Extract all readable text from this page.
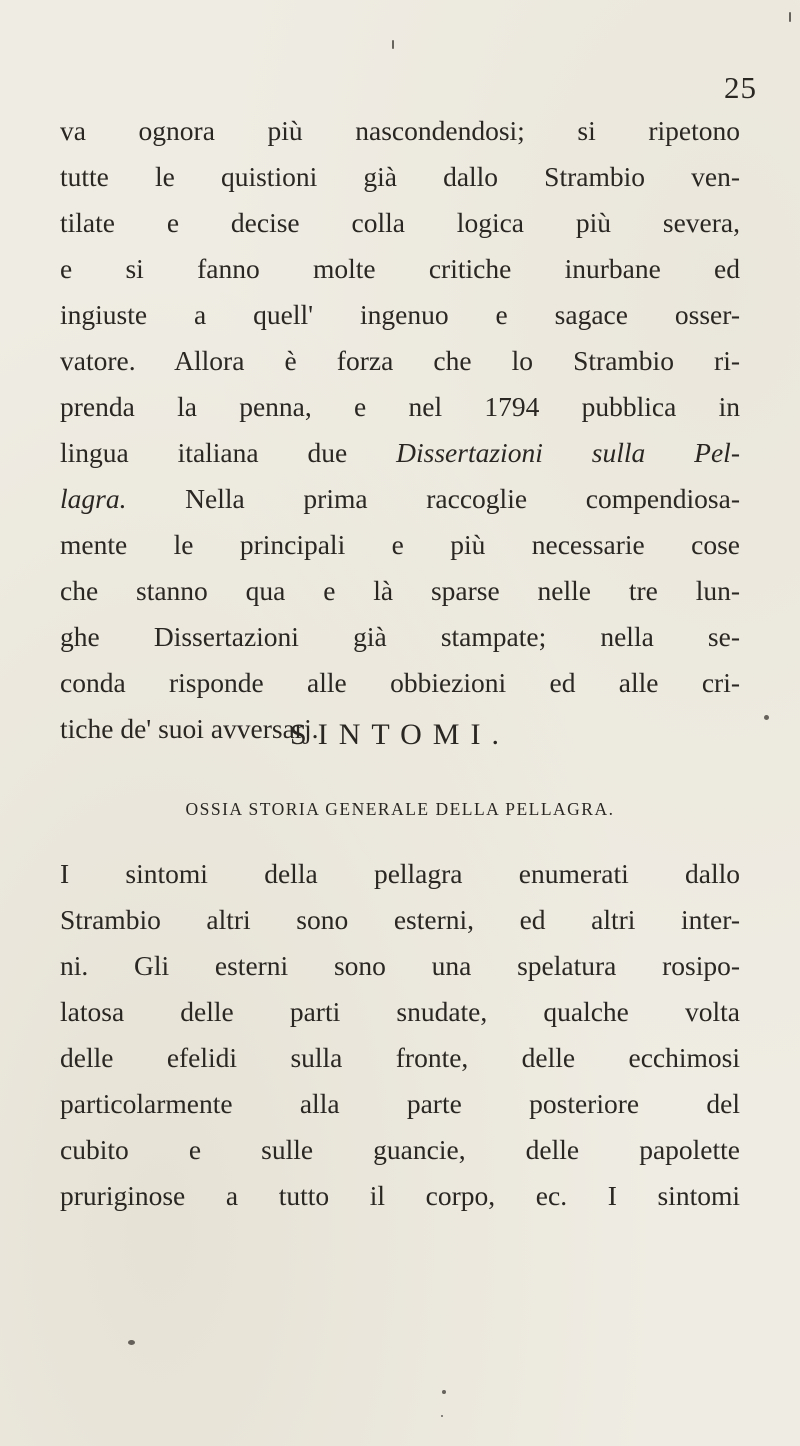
25
va ognora più nascondendosi; si ripetono
tutte le quistioni già dallo Strambio ven-
tilate e decise colla logica più severa,
e si fanno molte critiche inurbane ed
ingiuste a quell' ingenuo e sagace osser-
vatore. Allora è forza che lo Strambio ri-
prenda la penna, e nel 1794 pubblica in
lingua italiana due Dissertazioni sulla Pel-
lagra. Nella prima raccoglie compendiosa-
mente le principali e più necessarie cose
che stanno qua e là sparse nelle tre lun-
ghe Dissertazioni già stampate; nella se-
conda risponde alle obbiezioni ed alle cri-
tiche de' suoi avversarj.
SINTOMI.
OSSIA STORIA GENERALE DELLA PELLAGRA.
I sintomi della pellagra enumerati dallo
Strambio altri sono esterni, ed altri inter-
ni. Gli esterni sono una spelatura rosipo-
latosa delle parti snudate, qualche volta
delle efelidi sulla fronte, delle ecchimosi
particolarmente alla parte posteriore del
cubito e sulle guancie, delle papolette
pruriginose a tutto il corpo, ec. I sintomi
